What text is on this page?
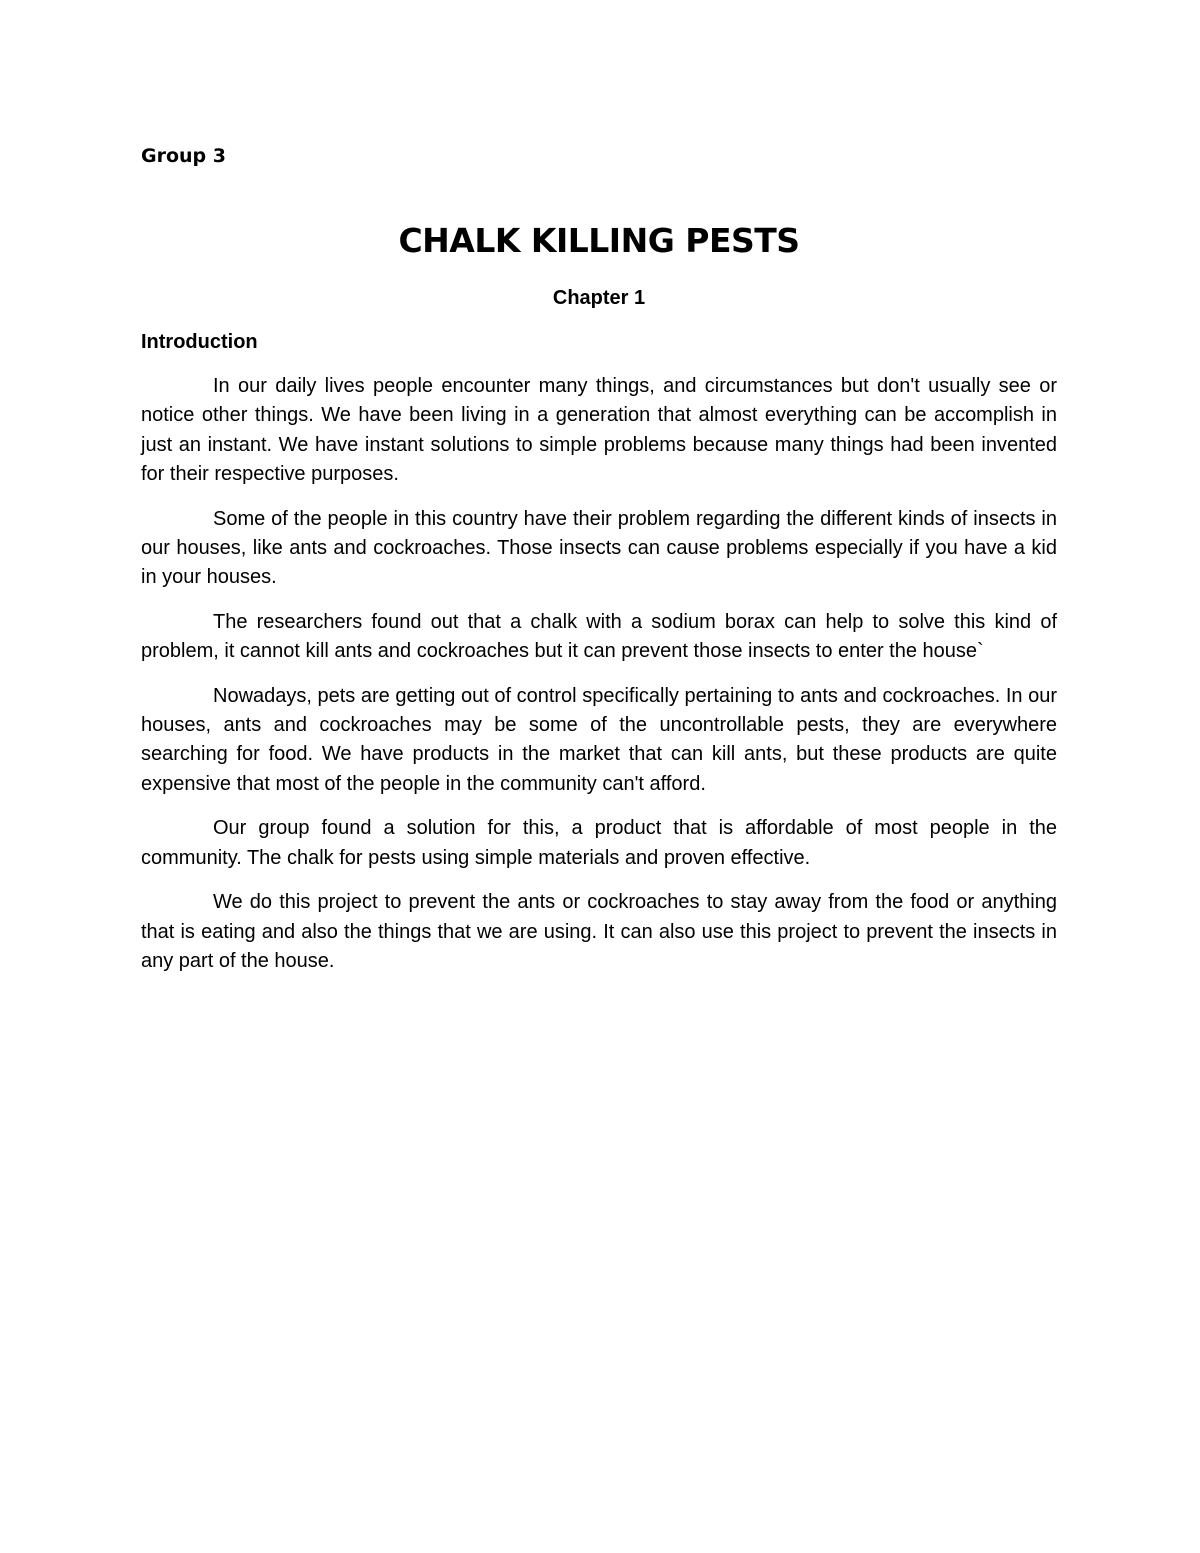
Group 3

CHALK KILLING PESTS

Chapter 1

Introduction

In our daily lives people encounter many things, and circumstances but don't usually see or notice other things. We have been living in a generation that almost everything can be accomplish in just an instant. We have instant solutions to simple problems because many things had been invented for their respective purposes.

Some of the people in this country have their problem regarding the different kinds of insects in our houses, like ants and cockroaches. Those insects can cause problems especially if you have a kid in your houses.

The researchers found out that a chalk with a sodium borax can help to solve this kind of problem, it cannot kill ants and cockroaches but it can prevent those insects to enter the house`

Nowadays, pets are getting out of control specifically pertaining to ants and cockroaches. In our houses, ants and cockroaches may be some of the uncontrollable pests, they are everywhere searching for food. We have products in the market that can kill ants, but these products are quite expensive that most of the people in the community can't afford.

Our group found a solution for this, a product that is affordable of most people in the community. The chalk for pests using simple materials and proven effective.

We do this project to prevent the ants or cockroaches to stay away from the food or anything that is eating and also the things that we are using. It can also use this project to prevent the insects in any part of the house.
